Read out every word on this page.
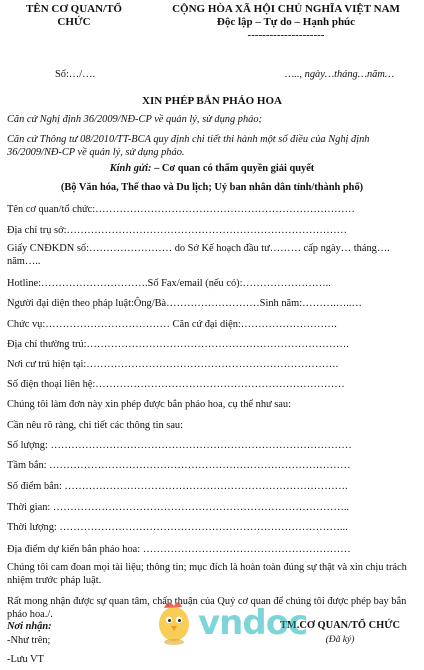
TÊN CƠ QUAN/TỔ
CHỨC
CỘNG HÒA XÃ HỘI CHỦ NGHĨA VIỆT NAM
Độc lập – Tự do – Hạnh phúc
---------------------
Số:…/….	….., ngày…tháng…năm…
XIN PHÉP BẮN PHÁO HOA
Căn cứ Nghị định 36/2009/NĐ-CP về quản lý, sử dụng pháo;
Căn cứ Thông tư 08/2010/TT-BCA quy định chi tiết thi hành một số điều của Nghị định 36/2009/NĐ-CP về quản lý, sử dụng pháo.
Kính gửi: – Cơ quan có thẩm quyền giải quyết
(Bộ Văn hóa, Thể thao và Du lịch; Uỷ ban nhân dân tỉnh/thành phố)
Tên cơ quan/tổ chức:…………………………………………………………………
Địa chỉ trụ sở:………………………………………………………………………
Giấy CNĐKDN số:…………………… do Sở Kế hoạch đầu tư……… cấp ngày… tháng…. năm…..
Hotline:………………………….Số Fax/email (nếu có):……………………..
Người đại diện theo pháp luật:Ông/Bà………………………Sinh năm:……….…..…
Chức vụ:……………………………… Căn cứ đại diện:……………………….
Địa chỉ thường trú:………………………………………………………………….
Nơi cư trú hiện tại:……………………………………………………………….
Số điện thoại liên hệ:………………………………………………………………
Chúng tôi làm đơn này xin phép được bắn pháo hoa, cụ thể như sau:
Cần nêu rõ ràng, chi tiết các thông tin sau:
Số lượng: ……………………………………………………………………………
Tầm bắn: ……………………………………………………………………………
Số điểm bắn: ……………………………………………………………………….
Thời gian: …………………………………………………………………………..
Thời lượng: ………………………………………………………………………...
Địa điểm dự kiến bắn pháo hoa: ……………………………………………………
Chúng tôi cam đoan mọi tài liệu; thông tin; mục đích là hoàn toàn đúng sự thật và xin chịu trách nhiệm trước pháp luật.
Rất mong nhận được sự quan tâm, chấp thuận của Quý cơ quan để chúng tôi được phép bay bắn pháo hoa./.
Nơi nhận:
-Như trên;
-Lưu VT
TM.CƠ QUAN/TỔ CHỨC
(Đã ký)
vndoc
